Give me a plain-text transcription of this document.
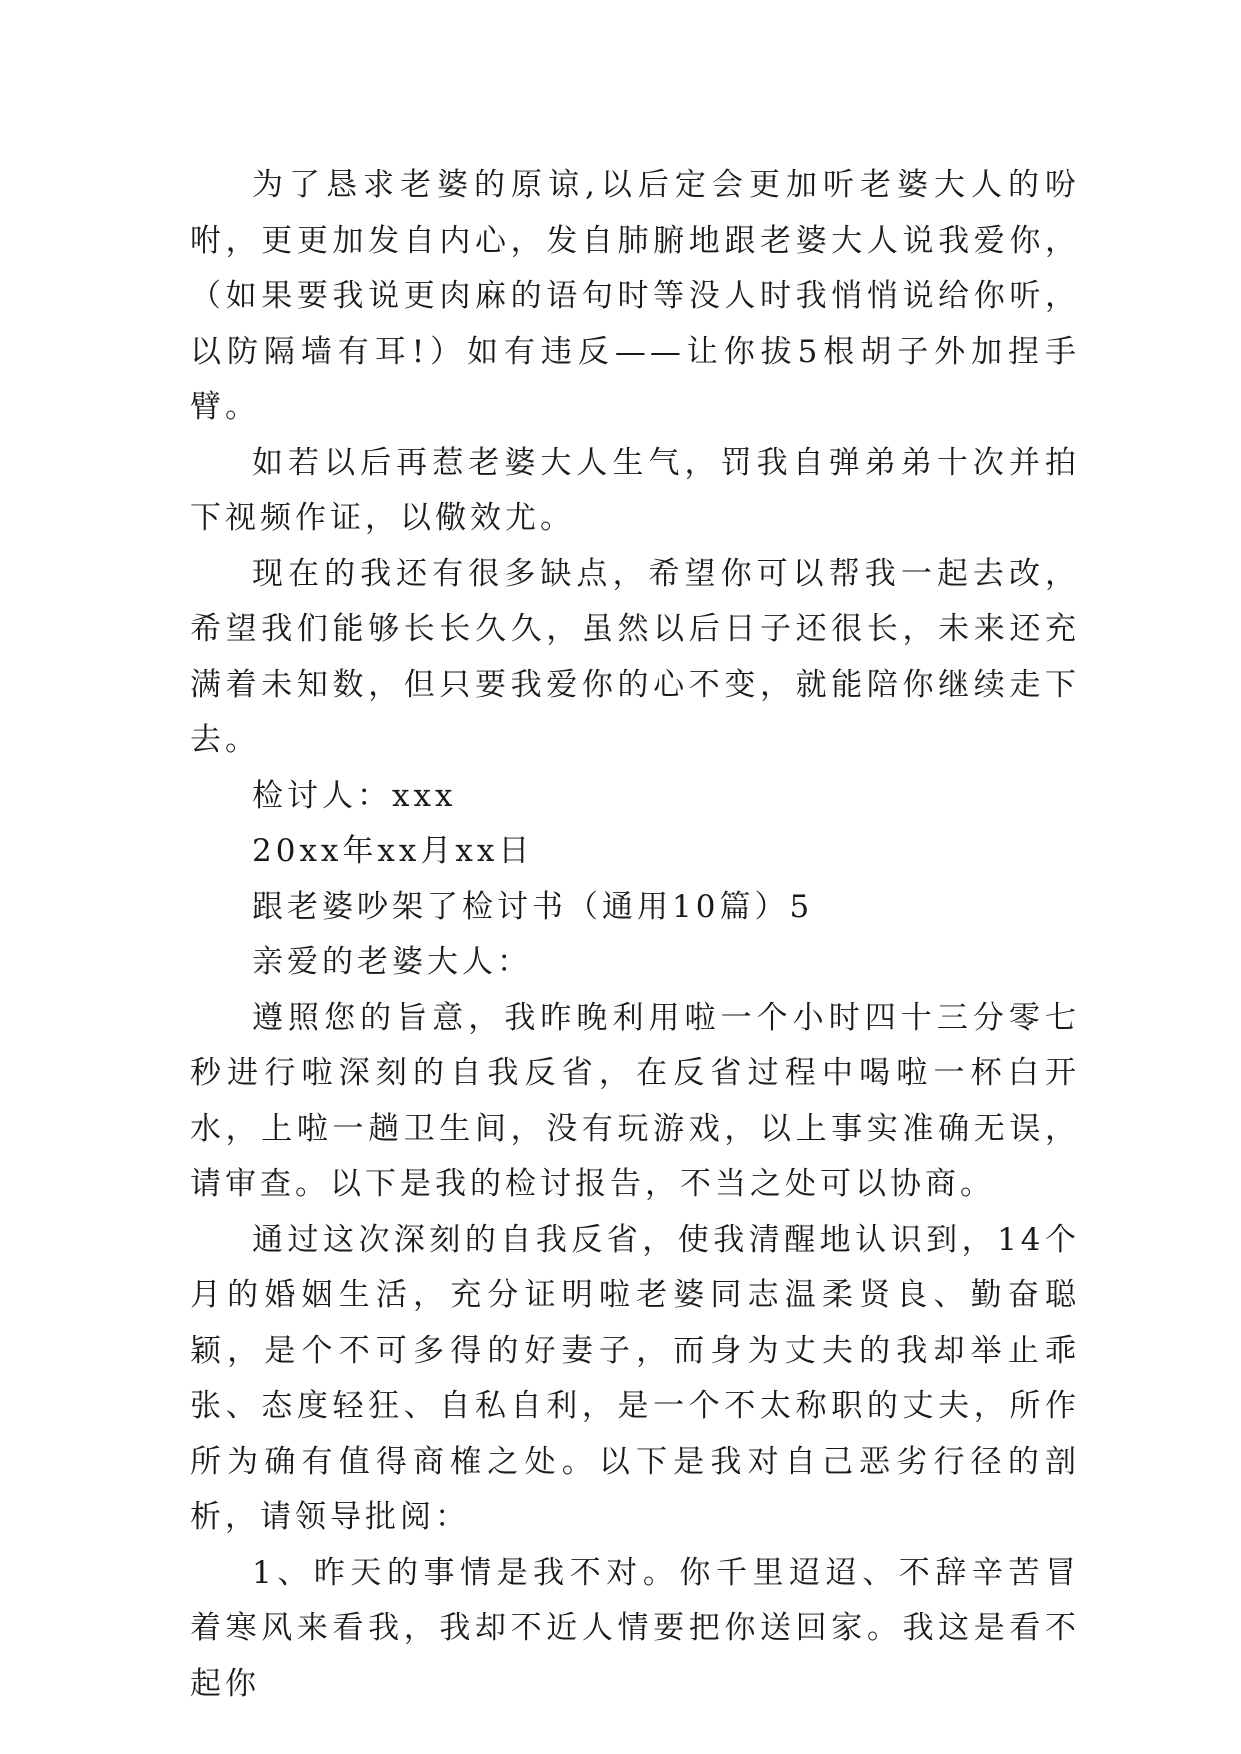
为了恳求老婆的原谅,以后定会更加听老婆大人的吩咐，更更加发自内心，发自肺腑地跟老婆大人说我爱你，（如果要我说更肉麻的语句时等没人时我悄悄说给你听，以防隔墙有耳!）如有违反——让你拔5根胡子外加捏手臂。

如若以后再惹老婆大人生气，罚我自弹弟弟十次并拍下视频作证，以儆效尤。

现在的我还有很多缺点，希望你可以帮我一起去改，希望我们能够长长久久，虽然以后日子还很长，未来还充满着未知数，但只要我爱你的心不变，就能陪你继续走下去。

检讨人：xxx

20xx年xx月xx日

跟老婆吵架了检讨书（通用10篇）5

亲爱的老婆大人：

遵照您的旨意，我昨晚利用啦一个小时四十三分零七秒进行啦深刻的自我反省，在反省过程中喝啦一杯白开水，上啦一趟卫生间，没有玩游戏，以上事实准确无误，请审查。以下是我的检讨报告，不当之处可以协商。

通过这次深刻的自我反省，使我清醒地认识到，14个月的婚姻生活，充分证明啦老婆同志温柔贤良、勤奋聪颖，是个不可多得的好妻子，而身为丈夫的我却举止乖张、态度轻狂、自私自利，是一个不太称职的丈夫，所作所为确有值得商榷之处。以下是我对自己恶劣行径的剖析，请领导批阅：

1、昨天的事情是我不对。你千里迢迢、不辞辛苦冒着寒风来看我，我却不近人情要把你送回家。我这是看不起你
